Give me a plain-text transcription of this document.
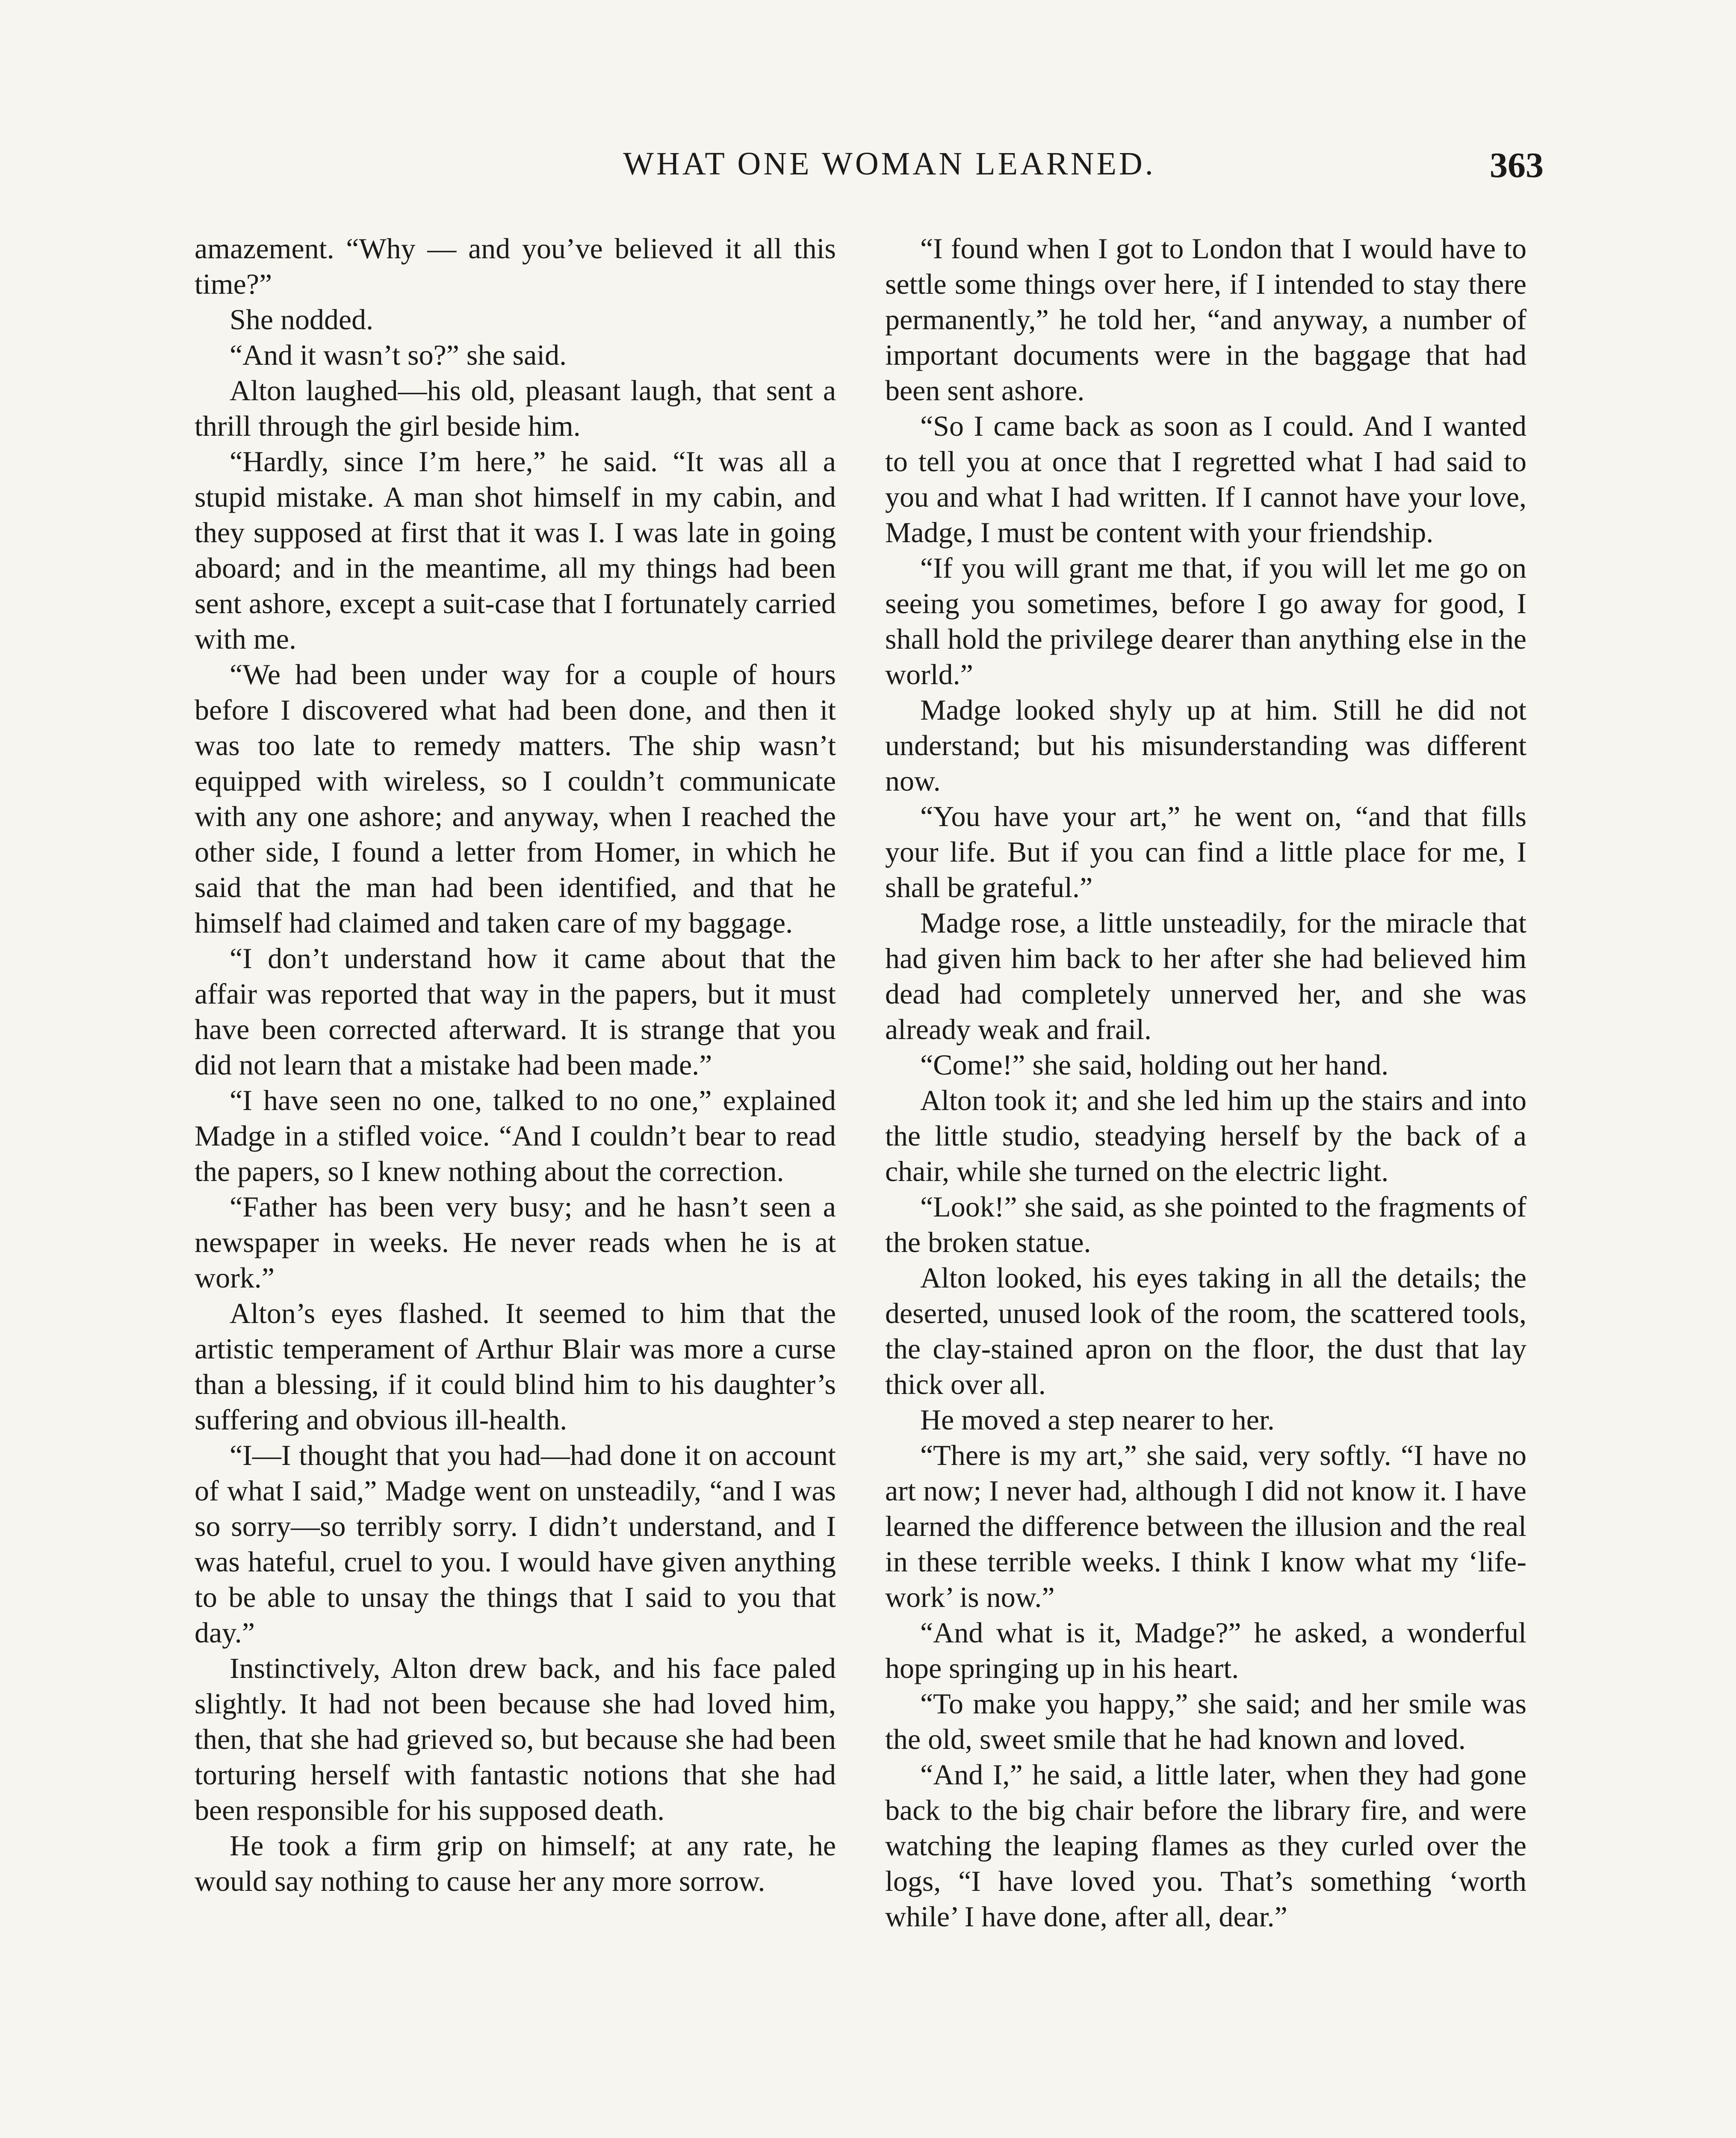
WHAT ONE WOMAN LEARNED.	363

amazement. “Why — and you’ve believed it all this time?”

She nodded.

“And it wasn’t so?” she said.

Alton laughed—his old, pleasant laugh, that sent a thrill through the girl beside him.

“Hardly, since I’m here,” he said. “It was all a stupid mistake. A man shot himself in my cabin, and they supposed at first that it was I. I was late in going aboard; and in the meantime, all my things had been sent ashore, except a suit-case that I fortunately carried with me.

“We had been under way for a couple of hours before I discovered what had been done, and then it was too late to remedy matters. The ship wasn’t equipped with wireless, so I couldn’t communicate with any one ashore; and anyway, when I reached the other side, I found a letter from Homer, in which he said that the man had been identified, and that he himself had claimed and taken care of my baggage.

“I don’t understand how it came about that the affair was reported that way in the papers, but it must have been corrected afterward. It is strange that you did not learn that a mistake had been made.”

“I have seen no one, talked to no one,” explained Madge in a stifled voice. “And I couldn’t bear to read the papers, so I knew nothing about the correction.

“Father has been very busy; and he hasn’t seen a newspaper in weeks. He never reads when he is at work.”

Alton’s eyes flashed. It seemed to him that the artistic temperament of Arthur Blair was more a curse than a blessing, if it could blind him to his daughter’s suffering and obvious ill-health.

“I—I thought that you had—had done it on account of what I said,” Madge went on unsteadily, “and I was so sorry—so terribly sorry. I didn’t understand, and I was hateful, cruel to you. I would have given anything to be able to unsay the things that I said to you that day.”

Instinctively, Alton drew back, and his face paled slightly. It had not been because she had loved him, then, that she had grieved so, but because she had been torturing herself with fantastic notions that she had been responsible for his supposed death.

He took a firm grip on himself; at any rate, he would say nothing to cause her any more sorrow.

“I found when I got to London that I would have to settle some things over here, if I intended to stay there permanently,” he told her, “and anyway, a number of important documents were in the baggage that had been sent ashore.

“So I came back as soon as I could. And I wanted to tell you at once that I regretted what I had said to you and what I had written. If I cannot have your love, Madge, I must be content with your friendship.

“If you will grant me that, if you will let me go on seeing you sometimes, before I go away for good, I shall hold the privilege dearer than anything else in the world.”

Madge looked shyly up at him. Still he did not understand; but his misunderstanding was different now.

“You have your art,” he went on, “and that fills your life. But if you can find a little place for me, I shall be grateful.”

Madge rose, a little unsteadily, for the miracle that had given him back to her after she had believed him dead had completely unnerved her, and she was already weak and frail.

“Come!” she said, holding out her hand.

Alton took it; and she led him up the stairs and into the little studio, steadying herself by the back of a chair, while she turned on the electric light.

“Look!” she said, as she pointed to the fragments of the broken statue.

Alton looked, his eyes taking in all the details; the deserted, unused look of the room, the scattered tools, the clay-stained apron on the floor, the dust that lay thick over all.

He moved a step nearer to her.

“There is my art,” she said, very softly. “I have no art now; I never had, although I did not know it. I have learned the difference between the illusion and the real in these terrible weeks. I think I know what my ‘life-work’ is now.”

“And what is it, Madge?” he asked, a wonderful hope springing up in his heart.

“To make you happy,” she said; and her smile was the old, sweet smile that he had known and loved.

“And I,” he said, a little later, when they had gone back to the big chair before the library fire, and were watching the leaping flames as they curled over the logs, “I have loved you. That’s something ‘worth while’ I have done, after all, dear.”
